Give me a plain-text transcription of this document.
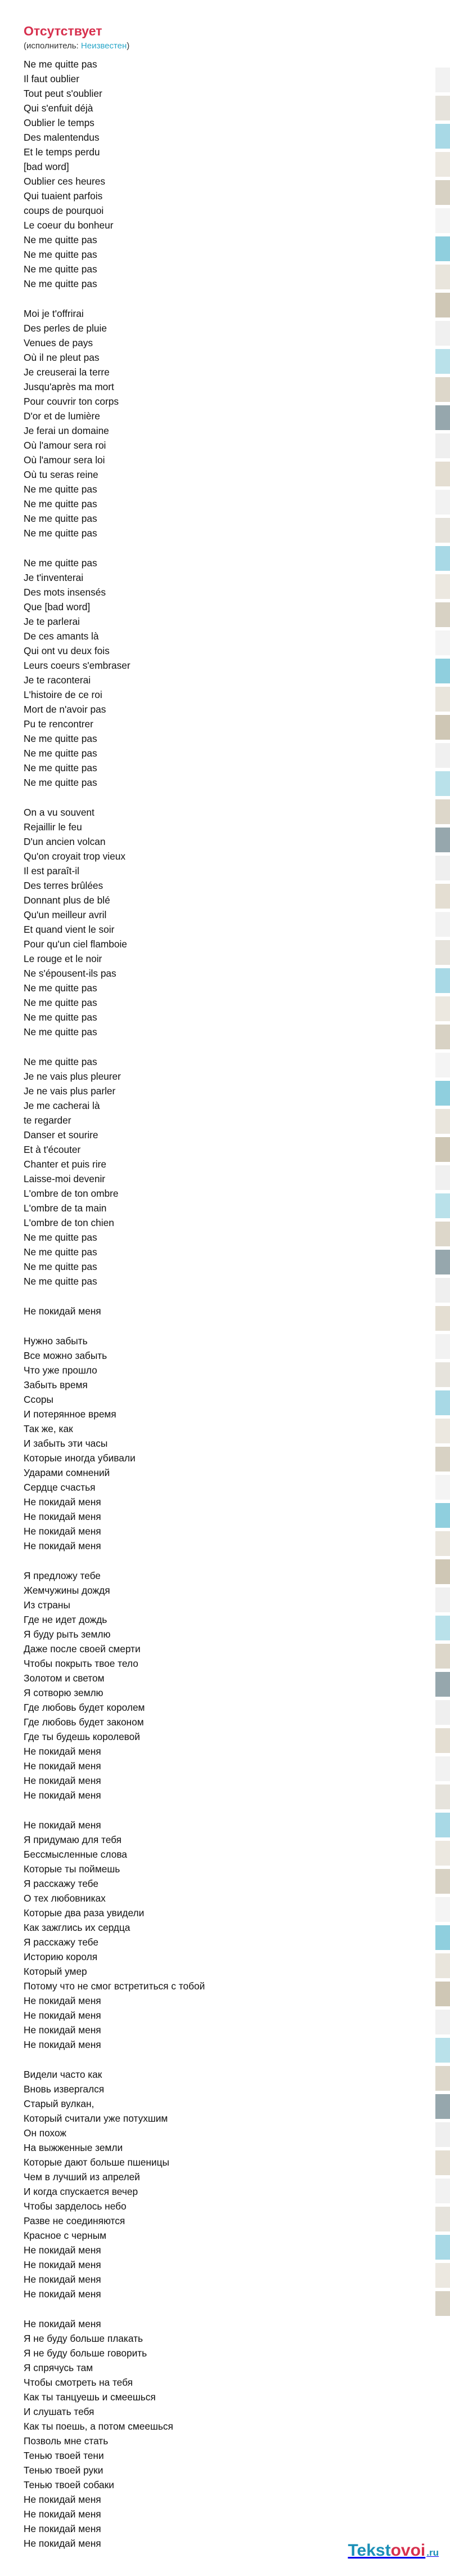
Отсутствует
(исполнитель: Неизвестен)
Ne me quitte pas
Il faut oublier
Tout peut s'oublier
Qui s'enfuit déjà
Oublier le temps
Des malentendus
Et le temps perdu
[bad word]
Oublier ces heures
Qui tuaient parfois
coups de pourquoi
Le coeur du bonheur
Ne me quitte pas
Ne me quitte pas
Ne me quitte pas
Ne me quitte pas
Moi je t'offrirai
Des perles de pluie
Venues de pays
Où il ne pleut pas
Je creuserai la terre
Jusqu'après ma mort
Pour couvrir ton corps
D'or et de lumière
Je ferai un domaine
Où l'amour sera roi
Où l'amour sera loi
Où tu seras reine
Ne me quitte pas
Ne me quitte pas
Ne me quitte pas
Ne me quitte pas
Ne me quitte pas
Je t'inventerai
Des mots insensés
Que [bad word]
Je te parlerai
De ces amants là
Qui ont vu deux fois
Leurs coeurs s'embraser
Je te raconterai
L'histoire de ce roi
Mort de n'avoir pas
Pu te rencontrer
Ne me quitte pas
Ne me quitte pas
Ne me quitte pas
Ne me quitte pas
On a vu souvent
Rejaillir le feu
D'un ancien volcan
Qu'on croyait trop vieux
Il est paraît-il
Des terres brûlées
Donnant plus de blé
Qu'un meilleur avril
Et quand vient le soir
Pour qu'un ciel flamboie
Le rouge et le noir
Ne s'épousent-ils pas
Ne me quitte pas
Ne me quitte pas
Ne me quitte pas
Ne me quitte pas
Ne me quitte pas
Je ne vais plus pleurer
Je ne vais plus parler
Je me cacherai là
te regarder
Danser et sourire
Et à t'écouter
Chanter et puis rire
Laisse-moi devenir
L'ombre de ton ombre
L'ombre de ta main
L'ombre de ton chien
Ne me quitte pas
Ne me quitte pas
Ne me quitte pas
Ne me quitte pas
Не покидай меня
Нужно забыть
Все можно забыть
Что уже прошло
Забыть время
Ссоры
И потерянное время
Так же, как
И забыть эти часы
Которые иногда убивали
Ударами сомнений
Сердце счастья
Не покидай меня
Не покидай меня
Не покидай меня
Не покидай меня
Я предложу тебе
Жемчужины дождя
Из страны
Где не идет дождь
Я буду рыть землю
Даже после своей смерти
Чтобы покрыть твое тело
Золотом и светом
Я сотворю землю
Где любовь будет королем
Где любовь будет законом
Где ты будешь королевой
Не покидай меня
Не покидай меня
Не покидай меня
Не покидай меня
Не покидай меня
Я придумаю для тебя
Бессмысленные слова
Которые ты поймешь
Я расскажу тебе
О тех любовниках
Которые два раза увидели
Как зажглись их сердца
Я расскажу тебе
Историю короля
Который умер
Потому что не смог встретиться с тобой
Не покидай меня
Не покидай меня
Не покидай меня
Не покидай меня
Видели часто как
Вновь извергался
Старый вулкан,
Который считали уже потухшим
Он похож
На выжженные земли
Которые дают больше пшеницы
Чем в лучший из апрелей
И когда спускается вечер
Чтобы зарделось небо
Разве не соединяются
Красное с черным
Не покидай меня
Не покидай меня
Не покидай меня
Не покидай меня
Не покидай меня
Я не буду больше плакать
Я не буду больше говорить
Я спрячусь там
Чтобы смотреть на тебя
Как ты танцуешь и смеешься
И слушать тебя
Как ты поешь, а потом смеешься
Позволь мне стать
Тенью твоей тени
Тенью твоей руки
Тенью твоей собаки
Не покидай меня
Не покидай меня
Не покидай меня
Не покидай меня	Tekst ovoi .ru
